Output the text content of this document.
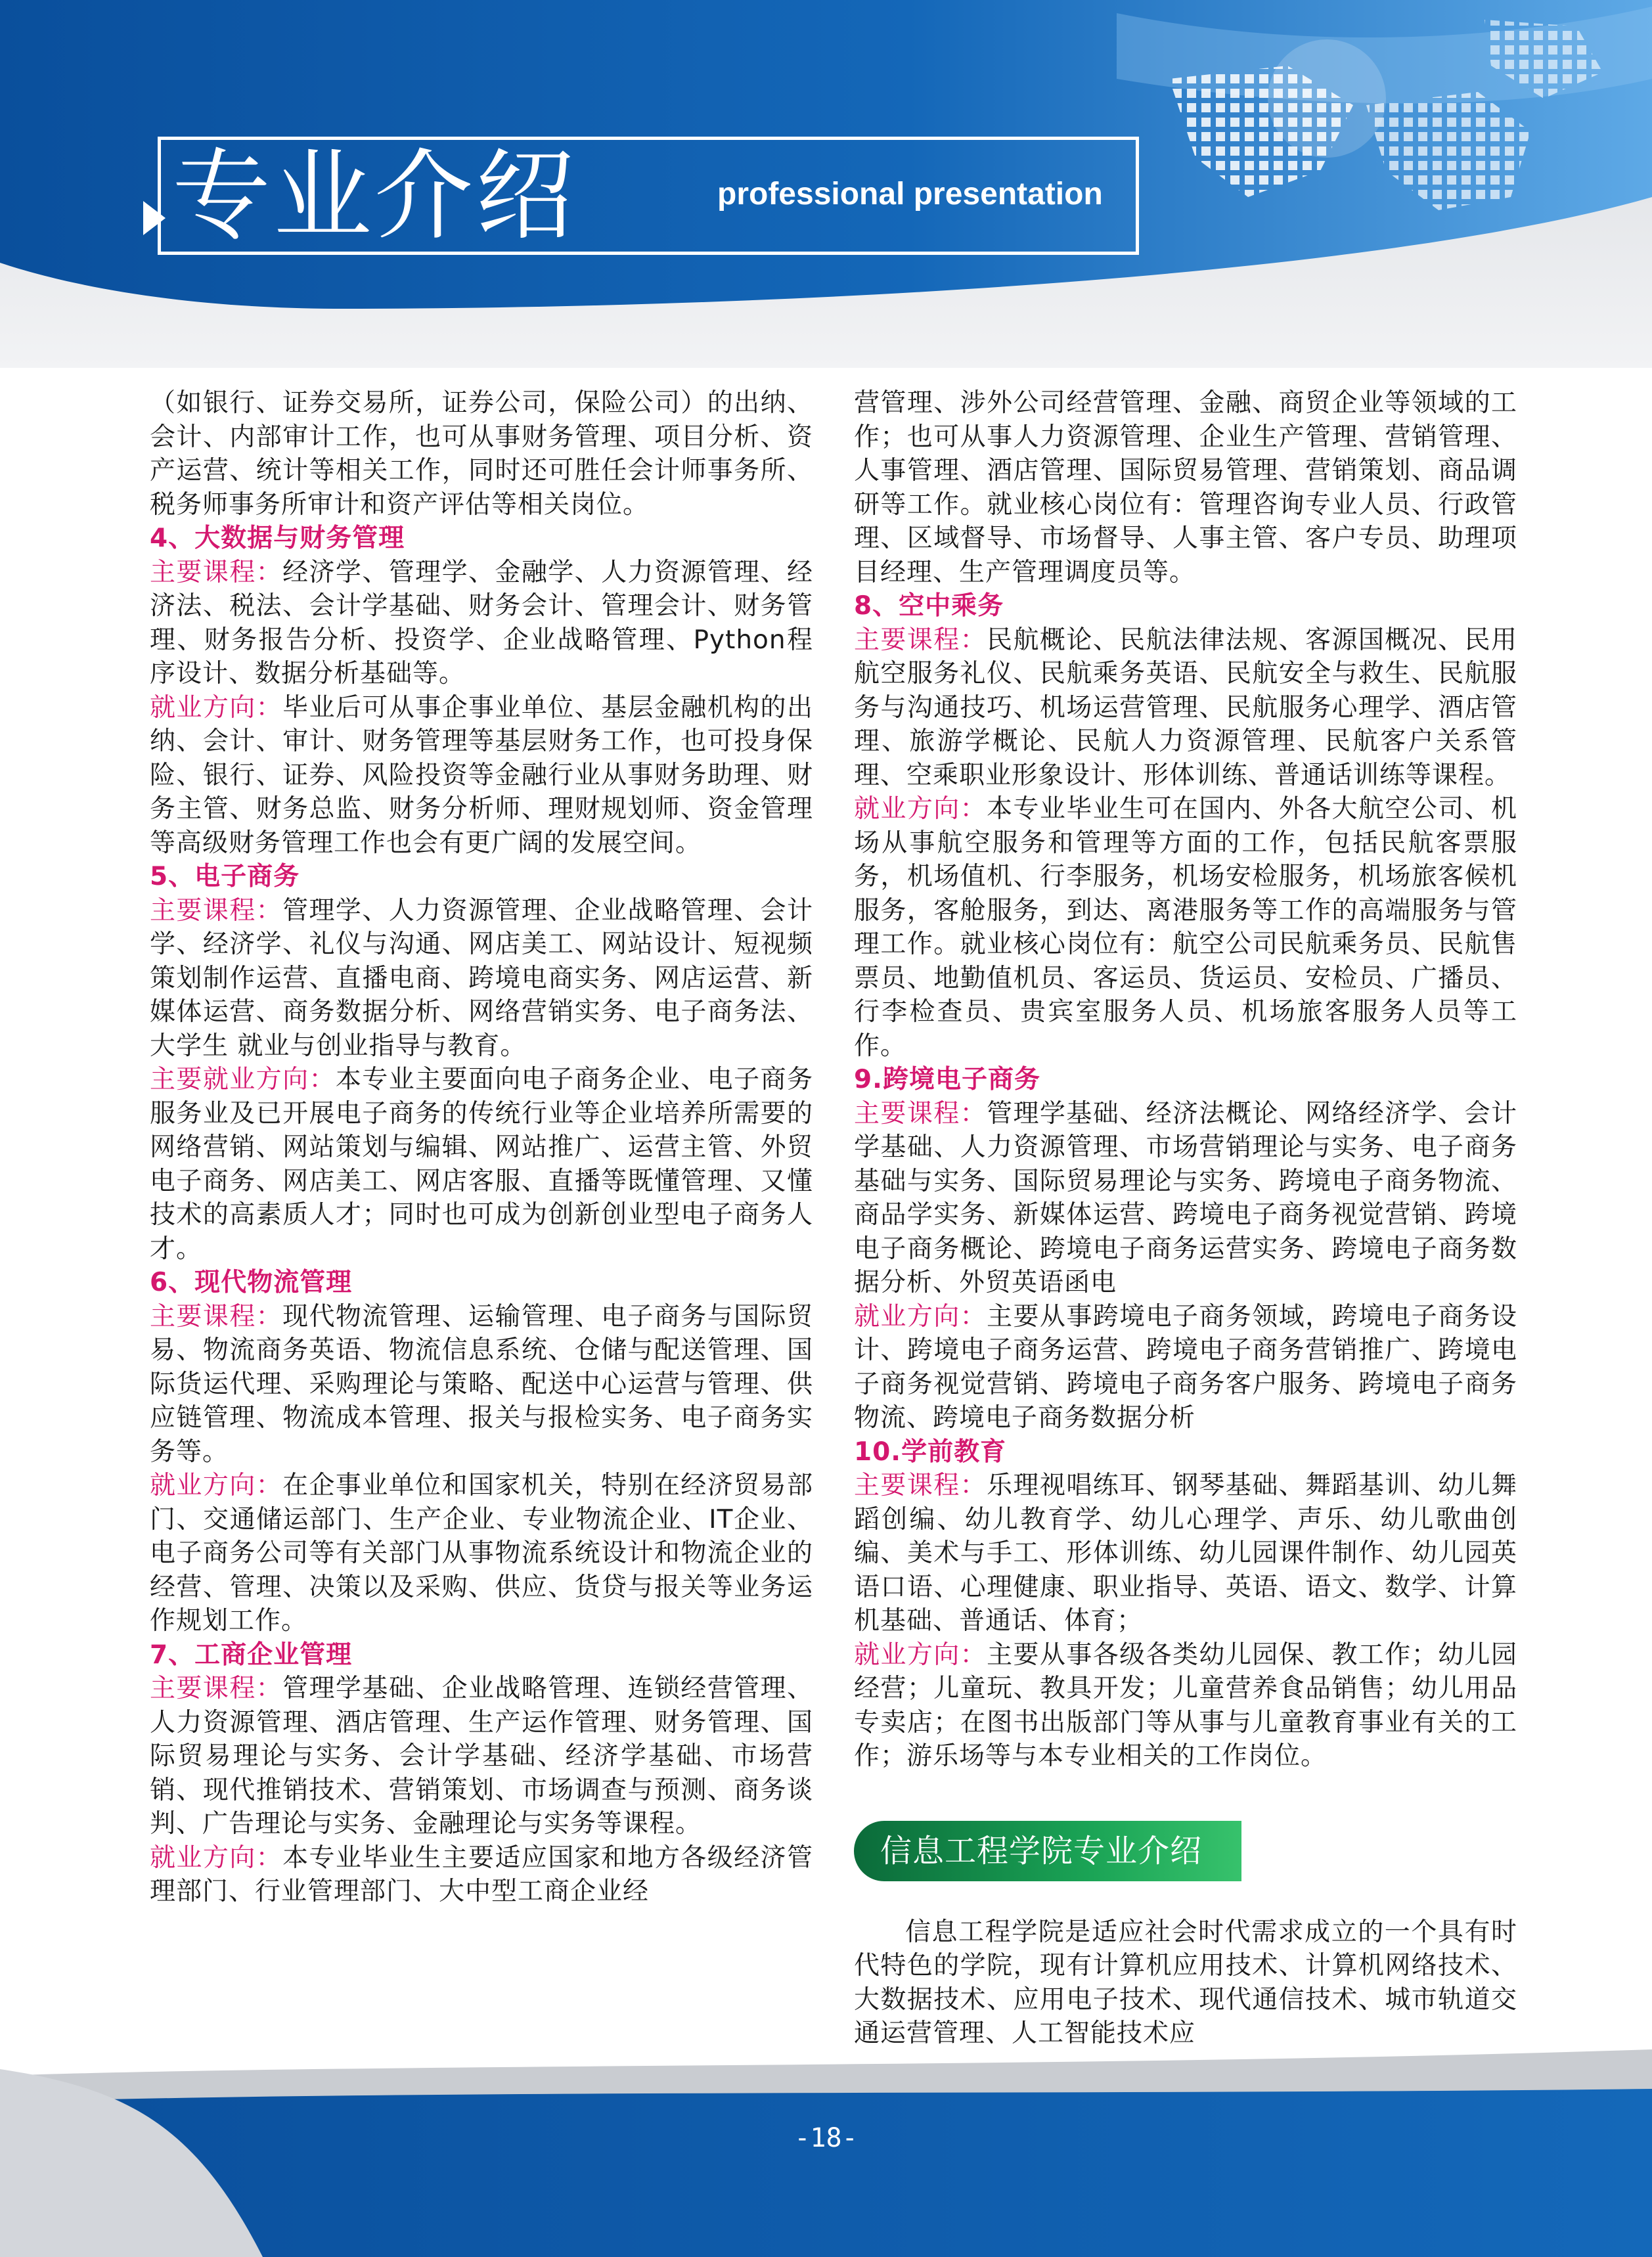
专业介绍	professional presentation

（如银行、证券交易所，证券公司，保险公司）的出纳、会计、内部审计工作，也可从事财务管理、项目分析、资产运营、统计等相关工作，同时还可胜任会计师事务所、税务师事务所审计和资产评估等相关岗位。

4、大数据与财务管理

主要课程：经济学、管理学、金融学、人力资源管理、经济法、税法、会计学基础、财务会计、管理会计、财务管理、财务报告分析、投资学、企业战略管理、Python程序设计、数据分析基础等。

就业方向：毕业后可从事企事业单位、基层金融机构的出纳、会计、审计、财务管理等基层财务工作，也可投身保险、银行、证券、风险投资等金融行业从事财务助理、财务主管、财务总监、财务分析师、理财规划师、资金管理等高级财务管理工作也会有更广阔的发展空间。

5、电子商务

主要课程：管理学、人力资源管理、企业战略管理、会计学、经济学、礼仪与沟通、网店美工、网站设计、短视频策划制作运营、直播电商、跨境电商实务、网店运营、新媒体运营、商务数据分析、网络营销实务、电子商务法、大学生 就业与创业指导与教育。

主要就业方向：本专业主要面向电子商务企业、电子商务服务业及已开展电子商务的传统行业等企业培养所需要的网络营销、网站策划与编辑、网站推广、运营主管、外贸电子商务、网店美工、网店客服、直播等既懂管理、又懂技术的高素质人才；同时也可成为创新创业型电子商务人才。

6、现代物流管理

主要课程：现代物流管理、运输管理、电子商务与国际贸易、物流商务英语、物流信息系统、仓储与配送管理、国际货运代理、采购理论与策略、配送中心运营与管理、供应链管理、物流成本管理、报关与报检实务、电子商务实务等。

就业方向：在企事业单位和国家机关，特别在经济贸易部门、交通储运部门、生产企业、专业物流企业、IT企业、电子商务公司等有关部门从事物流系统设计和物流企业的经营、管理、决策以及采购、供应、货贷与报关等业务运作规划工作。

7、工商企业管理

主要课程：管理学基础、企业战略管理、连锁经营管理、人力资源管理、酒店管理、生产运作管理、财务管理、国际贸易理论与实务、会计学基础、经济学基础、市场营销、现代推销技术、营销策划、市场调查与预测、商务谈判、广告理论与实务、金融理论与实务等课程。

就业方向：本专业毕业生主要适应国家和地方各级经济管理部门、行业管理部门、大中型工商企业经

营管理、涉外公司经营管理、金融、商贸企业等领域的工作；也可从事人力资源管理、企业生产管理、营销管理、人事管理、酒店管理、国际贸易管理、营销策划、商品调研等工作。就业核心岗位有：管理咨询专业人员、行政管理、区域督导、市场督导、人事主管、客户专员、助理项目经理、生产管理调度员等。

8、空中乘务

主要课程：民航概论、民航法律法规、客源国概况、民用航空服务礼仪、民航乘务英语、民航安全与救生、民航服务与沟通技巧、机场运营管理、民航服务心理学、酒店管理、旅游学概论、民航人力资源管理、民航客户关系管理、空乘职业形象设计、形体训练、普通话训练等课程。

就业方向：本专业毕业生可在国内、外各大航空公司、机场从事航空服务和管理等方面的工作，包括民航客票服务，机场值机、行李服务，机场安检服务，机场旅客候机服务，客舱服务，到达、离港服务等工作的高端服务与管理工作。就业核心岗位有：航空公司民航乘务员、民航售票员、地勤值机员、客运员、货运员、安检员、广播员、行李检查员、贵宾室服务人员、机场旅客服务人员等工作。

9.跨境电子商务

主要课程：管理学基础、经济法概论、网络经济学、会计学基础、人力资源管理、市场营销理论与实务、电子商务基础与实务、国际贸易理论与实务、跨境电子商务物流、商品学实务、新媒体运营、跨境电子商务视觉营销、跨境电子商务概论、跨境电子商务运营实务、跨境电子商务数据分析、外贸英语函电

就业方向：主要从事跨境电子商务领域，跨境电子商务设计、跨境电子商务运营、跨境电子商务营销推广、跨境电子商务视觉营销、跨境电子商务客户服务、跨境电子商务物流、跨境电子商务数据分析

10.学前教育

主要课程：乐理视唱练耳、钢琴基础、舞蹈基训、幼儿舞蹈创编、幼儿教育学、幼儿心理学、声乐、幼儿歌曲创编、美术与手工、形体训练、幼儿园课件制作、幼儿园英语口语、心理健康、职业指导、英语、语文、数学、计算机基础、普通话、体育；

就业方向：主要从事各级各类幼儿园保、教工作；幼儿园经营；儿童玩、教具开发；儿童营养食品销售；幼儿用品专卖店；在图书出版部门等从事与儿童教育事业有关的工作；游乐场等与本专业相关的工作岗位。

信息工程学院专业介绍

信息工程学院是适应社会时代需求成立的一个具有时代特色的学院，现有计算机应用技术、计算机网络技术、大数据技术、应用电子技术、现代通信技术、城市轨道交通运营管理、人工智能技术应

-18-
